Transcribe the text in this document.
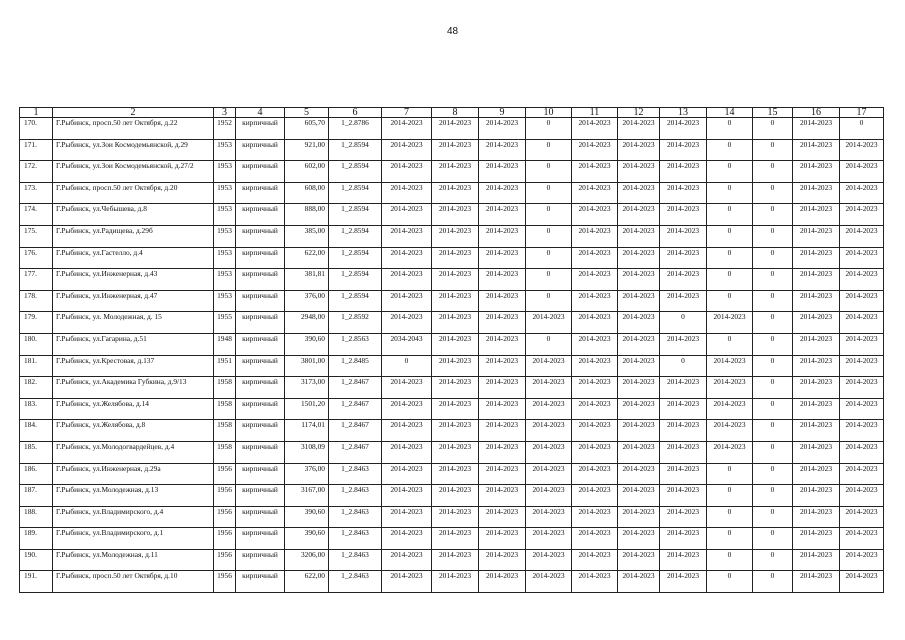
48
1	2	3	4	5	6	7	8	9	10	11	12	13	14	15	16	17
170.	Г.Рыбинск, просп.50 лет Октября, д.22	1952	кирпичный	605,70	1_2.8786	2014-2023	2014-2023	2014-2023	0	2014-2023	2014-2023	2014-2023	0	0	2014-2023	0
171.	Г.Рыбинск, ул.Зои Космодемьянской, д.29	1953	кирпичный	921,00	1_2.8594	2014-2023	2014-2023	2014-2023	0	2014-2023	2014-2023	2014-2023	0	0	2014-2023	2014-2023
172.	Г.Рыбинск, ул.Зои Космодемьянской, д.27/2	1953	кирпичный	602,00	1_2.8594	2014-2023	2014-2023	2014-2023	0	2014-2023	2014-2023	2014-2023	0	0	2014-2023	2014-2023
173.	Г.Рыбинск, просп.50 лет Октября, д.20	1953	кирпичный	608,00	1_2.8594	2014-2023	2014-2023	2014-2023	0	2014-2023	2014-2023	2014-2023	0	0	2014-2023	2014-2023
174.	Г.Рыбинск, ул.Чебышева, д.8	1953	кирпичный	888,00	1_2.8594	2014-2023	2014-2023	2014-2023	0	2014-2023	2014-2023	2014-2023	0	0	2014-2023	2014-2023
175.	Г.Рыбинск, ул.Радищева, д.29б	1953	кирпичный	385,00	1_2.8594	2014-2023	2014-2023	2014-2023	0	2014-2023	2014-2023	2014-2023	0	0	2014-2023	2014-2023
176.	Г.Рыбинск, ул.Гастелло, д.4	1953	кирпичный	622,00	1_2.8594	2014-2023	2014-2023	2014-2023	0	2014-2023	2014-2023	2014-2023	0	0	2014-2023	2014-2023
177.	Г.Рыбинск, ул.Инженерная, д.43	1953	кирпичный	381,81	1_2.8594	2014-2023	2014-2023	2014-2023	0	2014-2023	2014-2023	2014-2023	0	0	2014-2023	2014-2023
178.	Г.Рыбинск, ул.Инженерная, д.47	1953	кирпичный	376,00	1_2.8594	2014-2023	2014-2023	2014-2023	0	2014-2023	2014-2023	2014-2023	0	0	2014-2023	2014-2023
179.	Г.Рыбинск, ул. Молодежная, д. 15	1955	кирпичный	2948,00	1_2.8592	2014-2023	2014-2023	2014-2023	2014-2023	2014-2023	2014-2023	0	2014-2023	0	2014-2023	2014-2023
180.	Г.Рыбинск, ул.Гагарина, д.51	1948	кирпичный	390,60	1_2.8563	2034-2043	2014-2023	2014-2023	0	2014-2023	2014-2023	2014-2023	0	0	2014-2023	2014-2023
181.	Г.Рыбинск, ул.Крестовая, д.137	1951	кирпичный	3801,00	1_2.8485	0	2014-2023	2014-2023	2014-2023	2014-2023	2014-2023	0	2014-2023	0	2014-2023	2014-2023
182.	Г.Рыбинск, ул.Академика Губкина, д.9/13	1958	кирпичный	3173,00	1_2.8467	2014-2023	2014-2023	2014-2023	2014-2023	2014-2023	2014-2023	2014-2023	2014-2023	0	2014-2023	2014-2023
183.	Г.Рыбинск, ул.Желябова, д.14	1958	кирпичный	1501,20	1_2.8467	2014-2023	2014-2023	2014-2023	2014-2023	2014-2023	2014-2023	2014-2023	2014-2023	0	2014-2023	2014-2023
184.	Г.Рыбинск, ул.Желябова, д.8	1958	кирпичный	1174,01	1_2.8467	2014-2023	2014-2023	2014-2023	2014-2023	2014-2023	2014-2023	2014-2023	2014-2023	0	2014-2023	2014-2023
185.	Г.Рыбинск, ул.Молодогвардейцев, д.4	1958	кирпичный	3108,09	1_2.8467	2014-2023	2014-2023	2014-2023	2014-2023	2014-2023	2014-2023	2014-2023	2014-2023	0	2014-2023	2014-2023
186.	Г.Рыбинск, ул.Инженерная, д.29а	1956	кирпичный	376,00	1_2.8463	2014-2023	2014-2023	2014-2023	2014-2023	2014-2023	2014-2023	2014-2023	0	0	2014-2023	2014-2023
187.	Г.Рыбинск, ул.Молодежная, д.13	1956	кирпичный	3167,00	1_2.8463	2014-2023	2014-2023	2014-2023	2014-2023	2014-2023	2014-2023	2014-2023	0	0	2014-2023	2014-2023
188.	Г.Рыбинск, ул.Владимирского, д.4	1956	кирпичный	390,60	1_2.8463	2014-2023	2014-2023	2014-2023	2014-2023	2014-2023	2014-2023	2014-2023	0	0	2014-2023	2014-2023
189.	Г.Рыбинск, ул.Владимирского, д.1	1956	кирпичный	390,60	1_2.8463	2014-2023	2014-2023	2014-2023	2014-2023	2014-2023	2014-2023	2014-2023	0	0	2014-2023	2014-2023
190.	Г.Рыбинск, ул.Молодежная, д.11	1956	кирпичный	3206,00	1_2.8463	2014-2023	2014-2023	2014-2023	2014-2023	2014-2023	2014-2023	2014-2023	0	0	2014-2023	2014-2023
191.	Г.Рыбинск, просп.50 лет Октября, д.10	1956	кирпичный	622,00	1_2.8463	2014-2023	2014-2023	2014-2023	2014-2023	2014-2023	2014-2023	2014-2023	0	0	2014-2023	2014-2023
